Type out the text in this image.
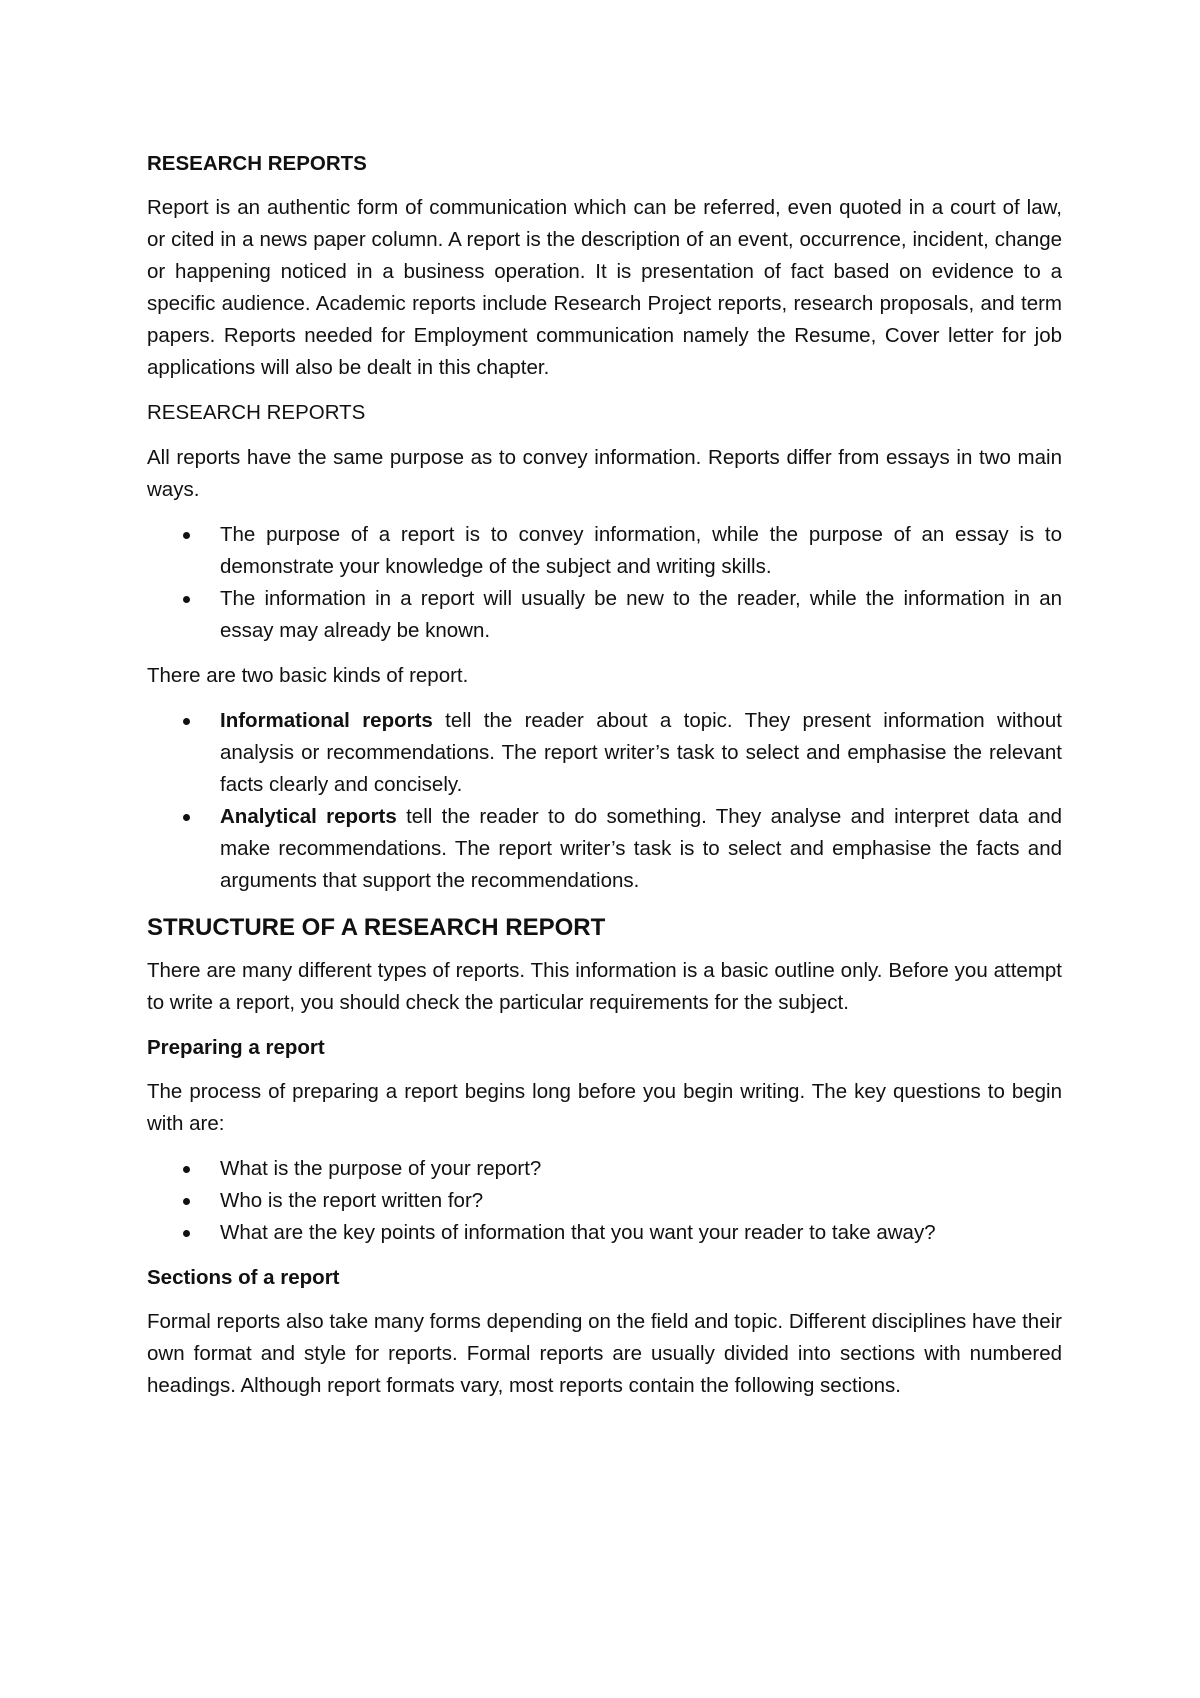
RESEARCH REPORTS

Report is an authentic form of communication which can be referred, even quoted in a court of law, or cited in a news paper column. A report is the description of an event, occurrence, incident, change or happening noticed in a business operation. It is presentation of fact based on evidence to a specific audience. Academic reports include Research Project reports, research proposals, and term papers. Reports needed for Employment communication namely the Resume, Cover letter for job applications will also be dealt in this chapter.

RESEARCH REPORTS

All reports have the same purpose as to convey information. Reports differ from essays in two main ways.

The purpose of a report is to convey information, while the purpose of an essay is to demonstrate your knowledge of the subject and writing skills.
The information in a report will usually be new to the reader, while the information in an essay may already be known.

There are two basic kinds of report.

Informational reports tell the reader about a topic. They present information without analysis or recommendations. The report writer’s task to select and emphasise the relevant facts clearly and concisely.
Analytical reports tell the reader to do something. They analyse and interpret data and make recommendations. The report writer’s task is to select and emphasise the facts and arguments that support the recommendations.
STRUCTURE OF A RESEARCH REPORT

There are many different types of reports. This information is a basic outline only. Before you attempt to write a report, you should check the particular requirements for the subject.

Preparing a report

The process of preparing a report begins long before you begin writing. The key questions to begin with are:

What is the purpose of your report?
Who is the report written for?
What are the key points of information that you want your reader to take away?
Sections of a report

Formal reports also take many forms depending on the field and topic. Different disciplines have their own format and style for reports. Formal reports are usually divided into sections with numbered headings. Although report formats vary, most reports contain the following sections.
